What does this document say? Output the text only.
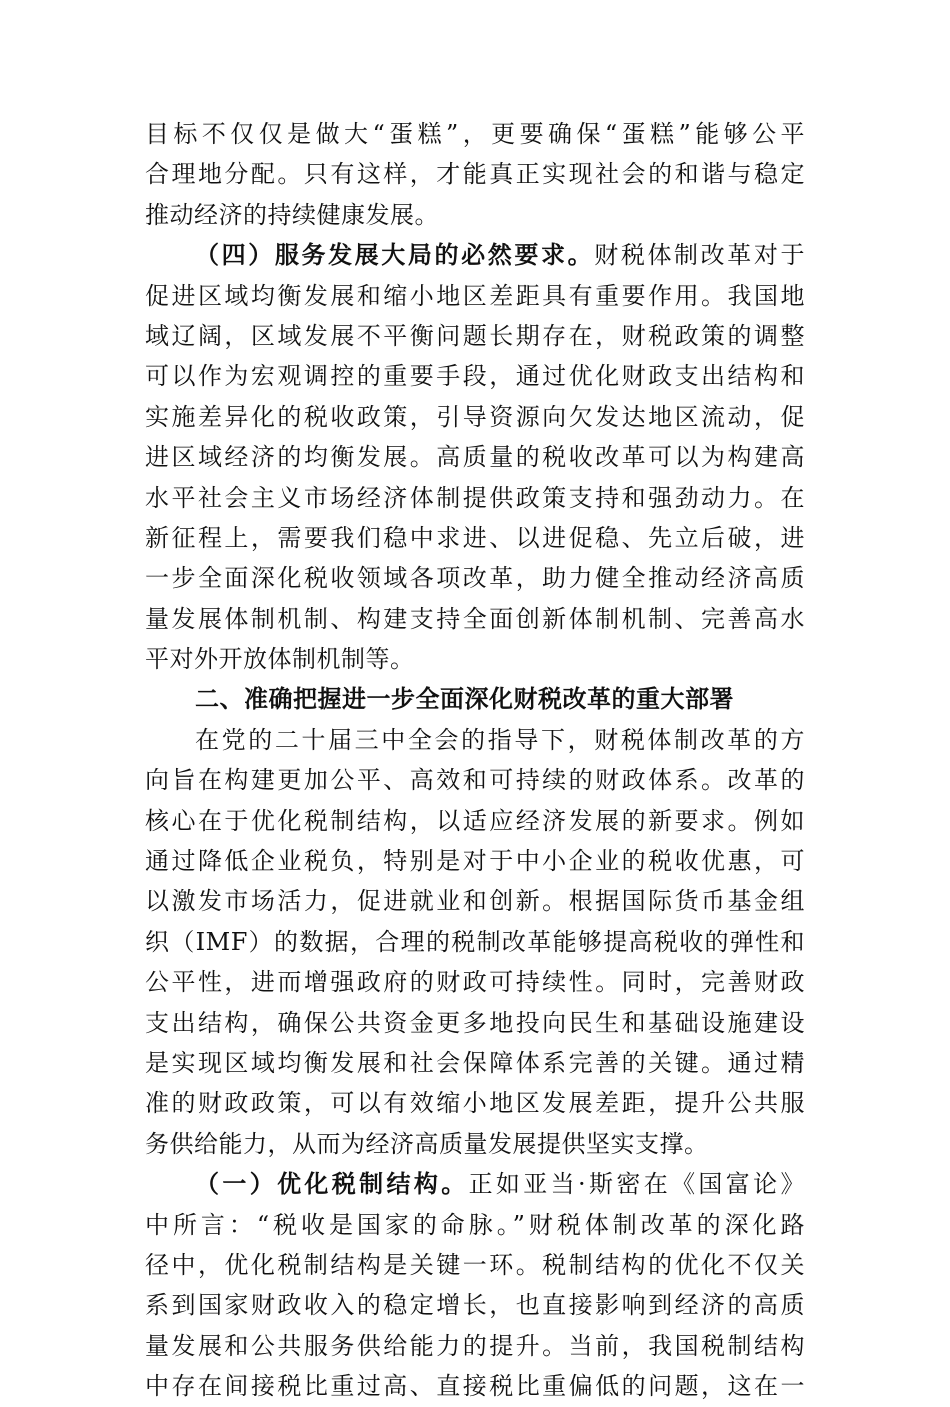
目标不仅仅是做大“蛋糕”，更要确保“蛋糕”能够公平
合理地分配。只有这样，才能真正实现社会的和谐与稳定
推动经济的持续健康发展。
（四）服务发展大局的必然要求。财税体制改革对于
促进区域均衡发展和缩小地区差距具有重要作用。我国地
域辽阔，区域发展不平衡问题长期存在，财税政策的调整
可以作为宏观调控的重要手段，通过优化财政支出结构和
实施差异化的税收政策，引导资源向欠发达地区流动，促
进区域经济的均衡发展。高质量的税收改革可以为构建高
水平社会主义市场经济体制提供政策支持和强劲动力。在
新征程上，需要我们稳中求进、以进促稳、先立后破，进
一步全面深化税收领域各项改革，助力健全推动经济高质
量发展体制机制、构建支持全面创新体制机制、完善高水
平对外开放体制机制等。
二、准确把握进一步全面深化财税改革的重大部署
在党的二十届三中全会的指导下，财税体制改革的方
向旨在构建更加公平、高效和可持续的财政体系。改革的
核心在于优化税制结构，以适应经济发展的新要求。例如
通过降低企业税负，特别是对于中小企业的税收优惠，可
以激发市场活力，促进就业和创新。根据国际货币基金组
织（IMF）的数据，合理的税制改革能够提高税收的弹性和
公平性，进而增强政府的财政可持续性。同时，完善财政
支出结构，确保公共资金更多地投向民生和基础设施建设
是实现区域均衡发展和社会保障体系完善的关键。通过精
准的财政政策，可以有效缩小地区发展差距，提升公共服
务供给能力，从而为经济高质量发展提供坚实支撑。
（一）优化税制结构。正如亚当·斯密在《国富论》
中所言：“税收是国家的命脉。”财税体制改革的深化路
径中，优化税制结构是关键一环。税制结构的优化不仅关
系到国家财政收入的稳定增长，也直接影响到经济的高质
量发展和公共服务供给能力的提升。当前，我国税制结构
中存在间接税比重过高、直接税比重偏低的问题，这在一
